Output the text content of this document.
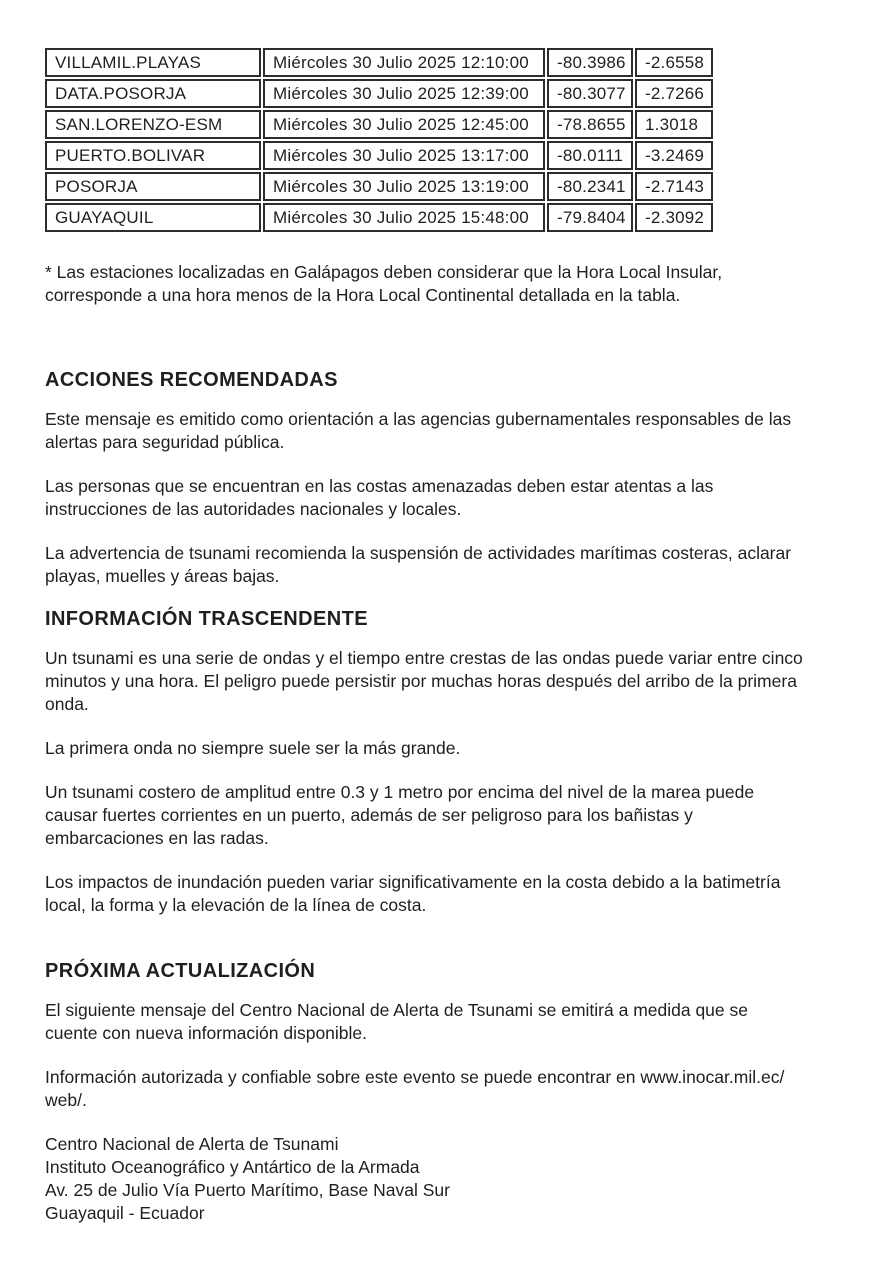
VILLAMIL.PLAYAS	Miércoles 30 Julio 2025 12:10:00	-80.3986	-2.6558
DATA.POSORJA	Miércoles 30 Julio 2025 12:39:00	-80.3077	-2.7266
SAN.LORENZO-ESM	Miércoles 30 Julio 2025 12:45:00	-78.8655	1.3018
PUERTO.BOLIVAR	Miércoles 30 Julio 2025 13:17:00	-80.0111	-3.2469
POSORJA	Miércoles 30 Julio 2025 13:19:00	-80.2341	-2.7143
GUAYAQUIL	Miércoles 30 Julio 2025 15:48:00	-79.8404	-2.3092

* Las estaciones localizadas en Galápagos deben considerar que la Hora Local Insular,
corresponde a una hora menos de la Hora Local Continental detallada en la tabla.

ACCIONES RECOMENDADAS

Este mensaje es emitido como orientación a las agencias gubernamentales responsables de las
alertas para seguridad pública.

Las personas que se encuentran en las costas amenazadas deben estar atentas a las
instrucciones de las autoridades nacionales y locales.

La advertencia de tsunami recomienda la suspensión de actividades marítimas costeras, aclarar
playas, muelles y áreas bajas.

INFORMACIÓN TRASCENDENTE

Un tsunami es una serie de ondas y el tiempo entre crestas de las ondas puede variar entre cinco
minutos y una hora. El peligro puede persistir por muchas horas después del arribo de la primera
onda.

La primera onda no siempre suele ser la más grande.

Un tsunami costero de amplitud entre 0.3 y 1 metro por encima del nivel de la marea puede
causar fuertes corrientes en un puerto, además de ser peligroso para los bañistas y
embarcaciones en las radas.

Los impactos de inundación pueden variar significativamente en la costa debido a la batimetría
local, la forma y la elevación de la línea de costa.

PRÓXIMA ACTUALIZACIÓN

El siguiente mensaje del Centro Nacional de Alerta de Tsunami se emitirá a medida que se
cuente con nueva información disponible.

Información autorizada y confiable sobre este evento se puede encontrar en www.inocar.mil.ec/
web/.

Centro Nacional de Alerta de Tsunami
Instituto Oceanográfico y Antártico de la Armada
Av. 25 de Julio Vía Puerto Marítimo, Base Naval Sur
Guayaquil - Ecuador
